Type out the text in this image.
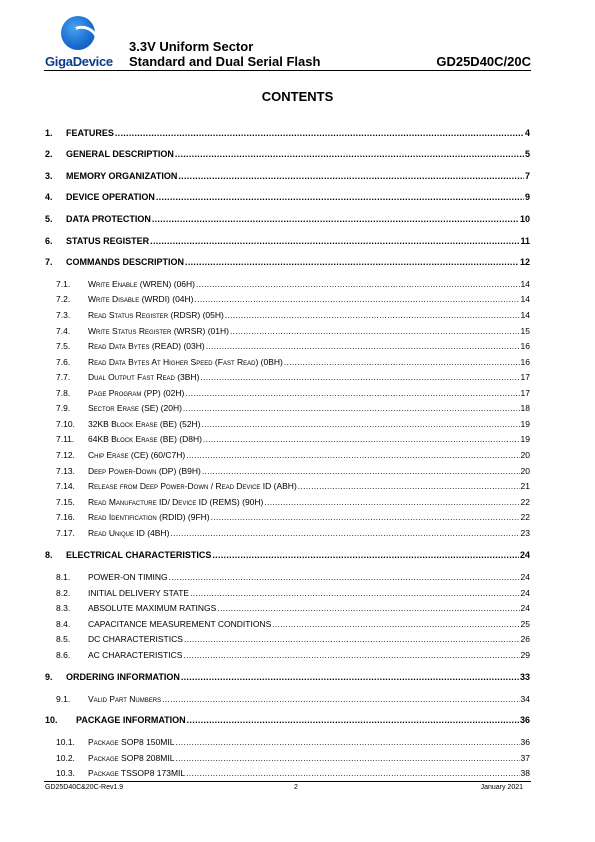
GigaDevice
3.3V Uniform Sector
Standard and Dual Serial Flash	GD25D40C/20C
CONTENTS
1.	FEATURES .....	4
2.	GENERAL DESCRIPTION .....	5
3.	MEMORY ORGANIZATION .....	7
4.	DEVICE OPERATION .....	9
5.	DATA PROTECTION .....	10
6.	STATUS REGISTER .....	11
7.	COMMANDS DESCRIPTION .....	12
7.1.	Write Enable (WREN) (06H) .....	14
7.2.	Write Disable (WRDI) (04H) .....	14
7.3.	Read Status Register (RDSR) (05H) .....	14
7.4.	Write Status Register (WRSR) (01H) .....	15
7.5.	Read Data Bytes (READ) (03H) .....	16
7.6.	Read Data Bytes At Higher Speed (Fast Read) (0BH) .....	16
7.7.	Dual Output Fast Read (3BH) .....	17
7.8.	Page Program (PP) (02H) .....	17
7.9.	Sector Erase (SE) (20H) .....	18
7.10.	32KB Block Erase (BE) (52H) .....	19
7.11.	64KB Block Erase (BE) (D8H) .....	19
7.12.	Chip Erase (CE) (60/C7H) .....	20
7.13.	Deep Power-Down (DP) (B9H) .....	20
7.14.	Release from Deep Power-Down / Read Device ID (ABH) .....	21
7.15.	Read Manufacture ID/ Device ID (REMS) (90H) .....	22
7.16.	Read Identification (RDID) (9FH) .....	22
7.17.	Read Unique ID (4BH) .....	23
8.	ELECTRICAL CHARACTERISTICS .....	24
8.1.	POWER-ON TIMING .....	24
8.2.	INITIAL DELIVERY STATE .....	24
8.3.	ABSOLUTE MAXIMUM RATINGS .....	24
8.4.	CAPACITANCE MEASUREMENT CONDITIONS .....	25
8.5.	DC CHARACTERISTICS .....	26
8.6.	AC CHARACTERISTICS .....	29
9.	ORDERING INFORMATION .....	33
9.1.	Valid Part Numbers .....	34
10.	PACKAGE INFORMATION .....	36
10.1.	Package SOP8 150MIL .....	36
10.2.	Package SOP8 208MIL .....	37
10.3.	Package TSSOP8 173MIL .....	38
GD25D40C&20C-Rev1.9	2	January 2021
